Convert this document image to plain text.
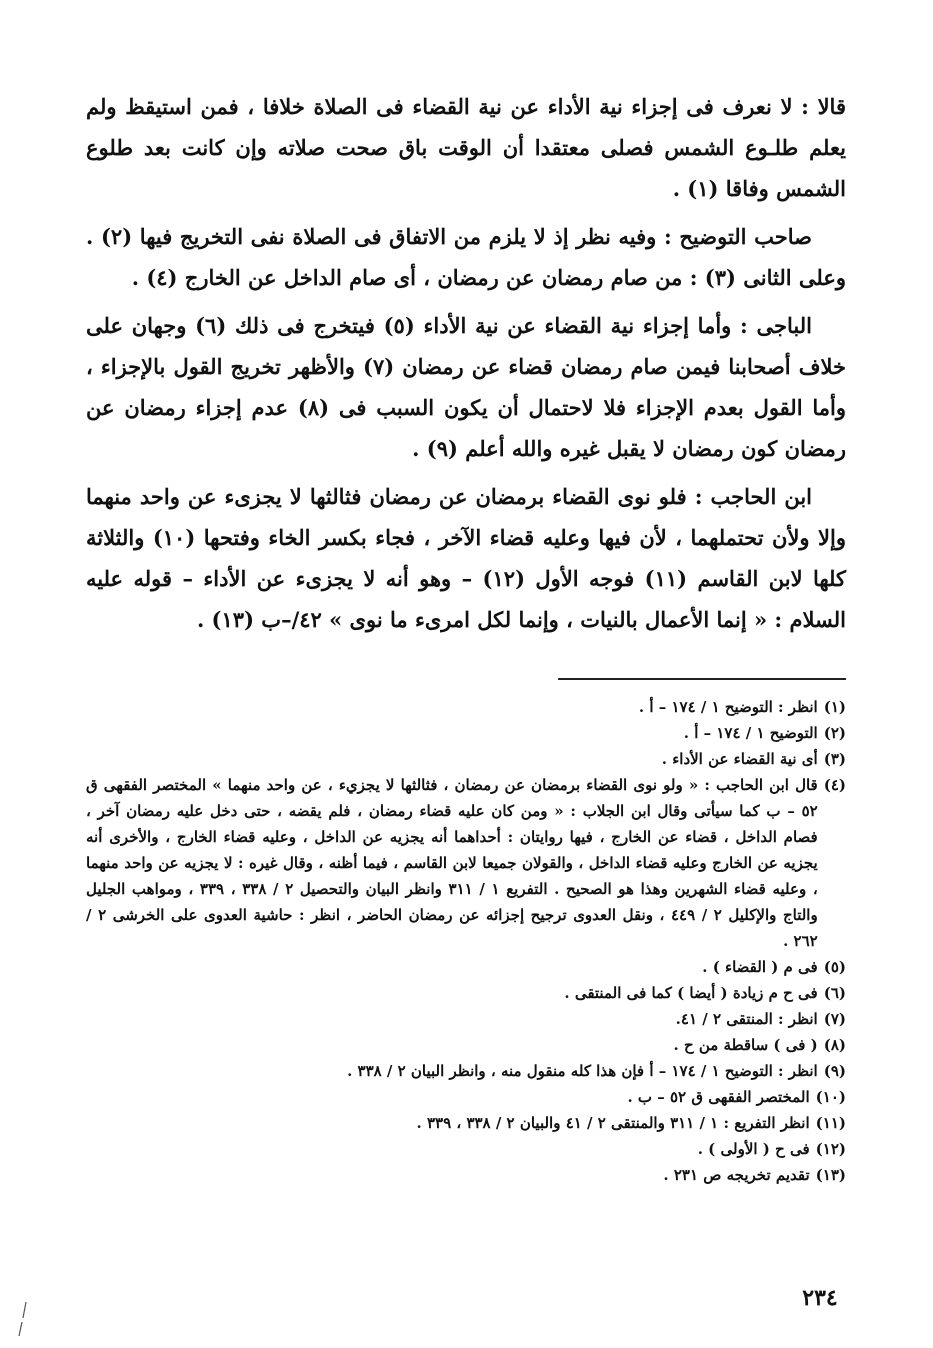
قالا : لا نعرف فى إجزاء نية الأداء عن نية القضاء فى الصلاة خلافا ، فمن استيقظ ولم يعلم طلـوع الشمس فصلى معتقدا أن الوقت باق صحت صلاته وإن كانت بعد طلوع الشمس وفاقا (١) .

صاحب التوضيح : وفيه نظر إذ لا يلزم من الاتفاق فى الصلاة نفى التخريج فيها (٢) . وعلى الثانى (٣) : من صام رمضان عن رمضان ، أى صام الداخل عن الخارج (٤) .

الباجى : وأما إجزاء نية القضاء عن نية الأداء (٥) فيتخرج فى ذلك (٦) وجهان على خلاف أصحابنا فيمن صام رمضان قضاء عن رمضان (٧) والأظهر تخريج القول بالإجزاء ، وأما القول بعدم الإجزاء فلا لاحتمال أن يكون السبب فى (٨) عدم إجزاء رمضان عن رمضان كون رمضان لا يقبل غيره والله أعلم (٩) .

ابن الحاجب : فلو نوى القضاء برمضان عن رمضان فثالثها لا يجزىء عن واحد منهما وإلا ولأن تحتملهما ، لأن فيها وعليه قضاء الآخر ، فجاء بكسر الخاء وفتحها (١٠) والثلاثة كلها لابن القاسم (١١) فوجه الأول (١٢) – وهو أنه لا يجزىء عن الأداء – قوله عليه السلام : « إنما الأعمال بالنيات ، وإنما لكل امرىء ما نوى » ٤٢/–ب (١٣) .

(١)
انظر : التوضيح ١ / ١٧٤ – أ .
(٢)
التوضيح ١ / ١٧٤ – أ .
(٣)
أى نية القضاء عن الأداء .
(٤)
قال ابن الحاجب : « ولو نوى القضاء برمضان عن رمضان ، فثالثها لا يجزيء ، عن واحد منهما » المختصر الفقهى ق ٥٢ – ب كما سيأتى وقال ابن الجلاب : « ومن كان عليه قضاء رمضان ، فلم يقضه ، حتى دخل عليه رمضان آخر ، فصام الداخل ، قضاء عن الخارج ، فيها روايتان : أحداهما أنه يجزيه عن الداخل ، وعليه قضاء الخارج ، والأخرى أنه يجزيه عن الخارج وعليه قضاء الداخل ، والقولان جميعا لابن القاسم ، فيما أظنه ، وقال غيره : لا يجزيه عن واحد منهما ، وعليه قضاء الشهرين وهذا هو الصحيح . التفريع ١ / ٣١١ وانظر البيان والتحصيل ٢ / ٣٣٨ ، ٣٣٩ ، ومواهب الجليل والتاج والإكليل ٢ / ٤٤٩ ، ونقل العدوى ترجيح إجزائه عن رمضان الحاضر ، انظر : حاشية العدوى على الخرشى ٢ / ٢٦٢ .
(٥)
فى م ( القضاء ) .
(٦)
فى ح م زيادة ( أيضا ) كما فى المنتقى .
(٧)
انظر : المنتقى ٢ / ٤١.
(٨)
( فى ) ساقطة من ح .
(٩)
انظر : التوضيح ١ / ١٧٤ – أ فإن هذا كله منقول منه ، وانظر البيان ٢ / ٣٣٨ .
(١٠)
المختصر الفقهى ق ٥٢ – ب .
(١١)
انظر التفريع : ١ / ٣١١ والمنتقى ٢ / ٤١ والبيان ٢ / ٣٣٨ ، ٣٣٩ .
(١٢)
فى ح ( الأولى ) .
(١٣)
تقديم تخريجه ص ٢٣١ .
٢٣٤
